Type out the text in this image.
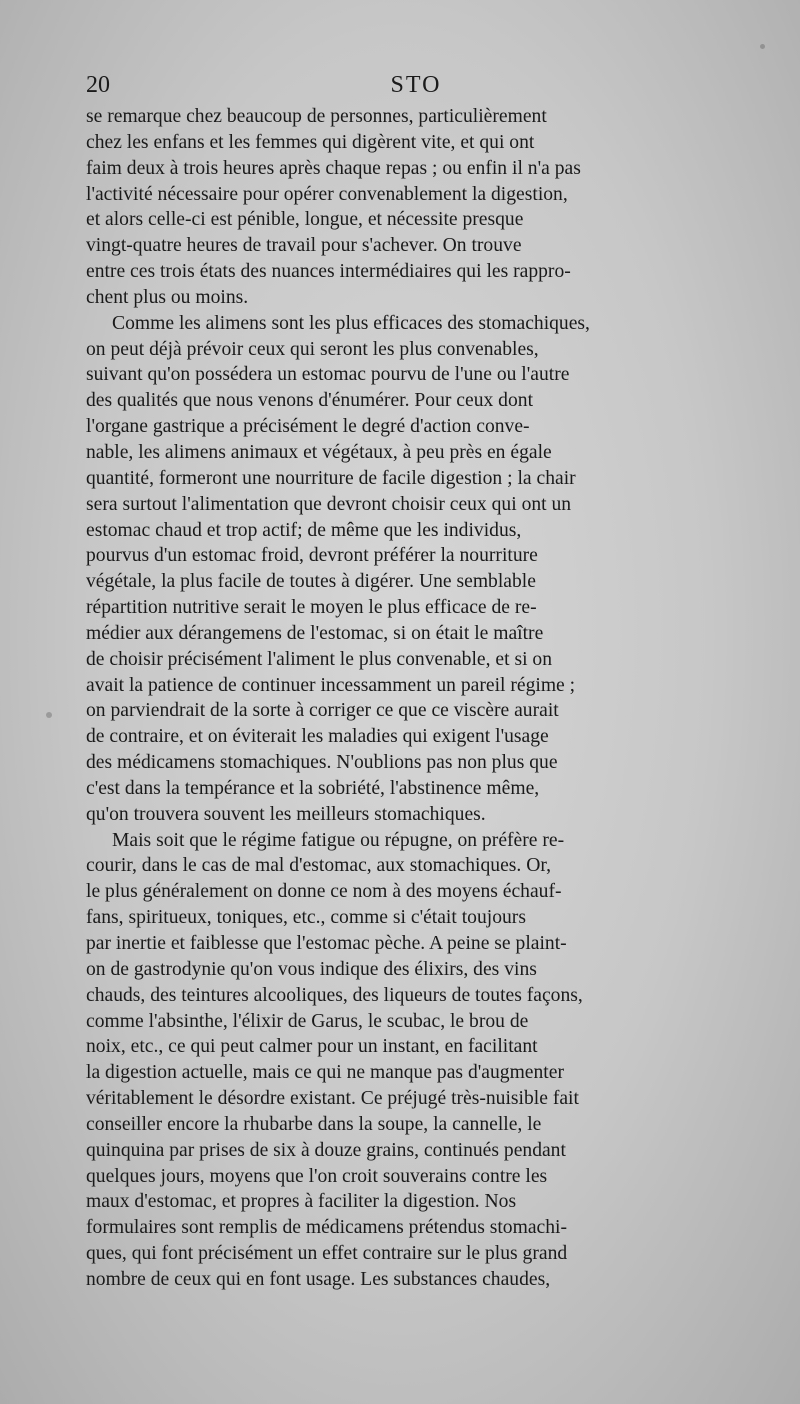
20	STO
se remarque chez beaucoup de personnes, particulièrement
chez les enfans et les femmes qui digèrent vite, et qui ont
faim deux à trois heures après chaque repas ; ou enfin il n'a pas
l'activité nécessaire pour opérer convenablement la digestion,
et alors celle-ci est pénible, longue, et nécessite presque
vingt-quatre heures de travail pour s'achever. On trouve
entre ces trois états des nuances intermédiaires qui les rappro-
chent plus ou moins.
Comme les alimens sont les plus efficaces des stomachiques,
on peut déjà prévoir ceux qui seront les plus convenables,
suivant qu'on possédera un estomac pourvu de l'une ou l'autre
des qualités que nous venons d'énumérer. Pour ceux dont
l'organe gastrique a précisément le degré d'action conve-
nable, les alimens animaux et végétaux, à peu près en égale
quantité, formeront une nourriture de facile digestion ; la chair
sera surtout l'alimentation que devront choisir ceux qui ont un
estomac chaud et trop actif; de même que les individus,
pourvus d'un estomac froid, devront préférer la nourriture
végétale, la plus facile de toutes à digérer. Une semblable
répartition nutritive serait le moyen le plus efficace de re-
médier aux dérangemens de l'estomac, si on était le maître
de choisir précisément l'aliment le plus convenable, et si on
avait la patience de continuer incessamment un pareil régime ;
on parviendrait de la sorte à corriger ce que ce viscère aurait
de contraire, et on éviterait les maladies qui exigent l'usage
des médicamens stomachiques. N'oublions pas non plus que
c'est dans la tempérance et la sobriété, l'abstinence même,
qu'on trouvera souvent les meilleurs stomachiques.
Mais soit que le régime fatigue ou répugne, on préfère re-
courir, dans le cas de mal d'estomac, aux stomachiques. Or,
le plus généralement on donne ce nom à des moyens échauf-
fans, spiritueux, toniques, etc., comme si c'était toujours
par inertie et faiblesse que l'estomac pèche. A peine se plaint-
on de gastrodynie qu'on vous indique des élixirs, des vins
chauds, des teintures alcooliques, des liqueurs de toutes façons,
comme l'absinthe, l'élixir de Garus, le scubac, le brou de
noix, etc., ce qui peut calmer pour un instant, en facilitant
la digestion actuelle, mais ce qui ne manque pas d'augmenter
véritablement le désordre existant. Ce préjugé très-nuisible fait
conseiller encore la rhubarbe dans la soupe, la cannelle, le
quinquina par prises de six à douze grains, continués pendant
quelques jours, moyens que l'on croit souverains contre les
maux d'estomac, et propres à faciliter la digestion. Nos
formulaires sont remplis de médicamens prétendus stomachi-
ques, qui font précisément un effet contraire sur le plus grand
nombre de ceux qui en font usage. Les substances chaudes,
